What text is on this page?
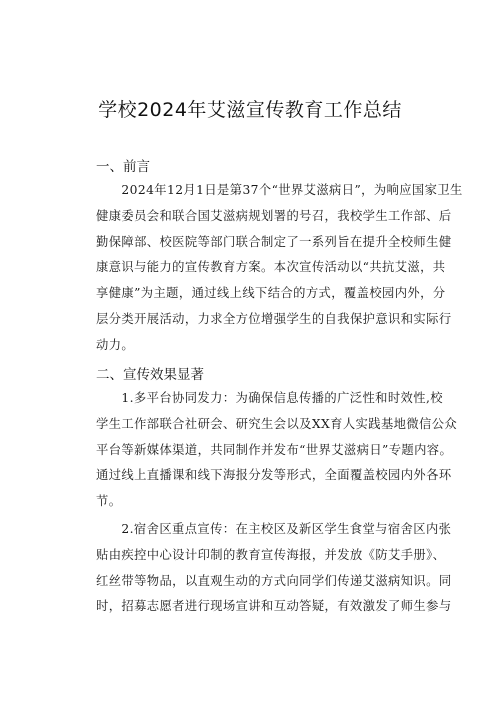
学校2024年艾滋宣传教育工作总结
一、前言

　　2024年12月1日是第37个“世界艾滋病日”，为响应国家卫生
健康委员会和联合国艾滋病规划署的号召，我校学生工作部、后
勤保障部、校医院等部门联合制定了一系列旨在提升全校师生健
康意识与能力的宣传教育方案。本次宣传活动以“共抗艾滋，共
享健康”为主题，通过线上线下结合的方式，覆盖校园内外，分
层分类开展活动，力求全方位增强学生的自我保护意识和实际行
动力。

二、宣传效果显著

　　1.多平台协同发力：为确保信息传播的广泛性和时效性,校
学生工作部联合社研会、研究生会以及XX育人实践基地微信公众
平台等新媒体渠道，共同制作并发布“世界艾滋病日”专题内容。
通过线上直播课和线下海报分发等形式，全面覆盖校园内外各环
节。

　　2.宿舍区重点宣传：在主校区及新区学生食堂与宿舍区内张
贴由疾控中心设计印制的教育宣传海报，并发放《防艾手册》、
红丝带等物品，以直观生动的方式向同学们传递艾滋病知识。同
时，招募志愿者进行现场宣讲和互动答疑，有效激发了师生参与
